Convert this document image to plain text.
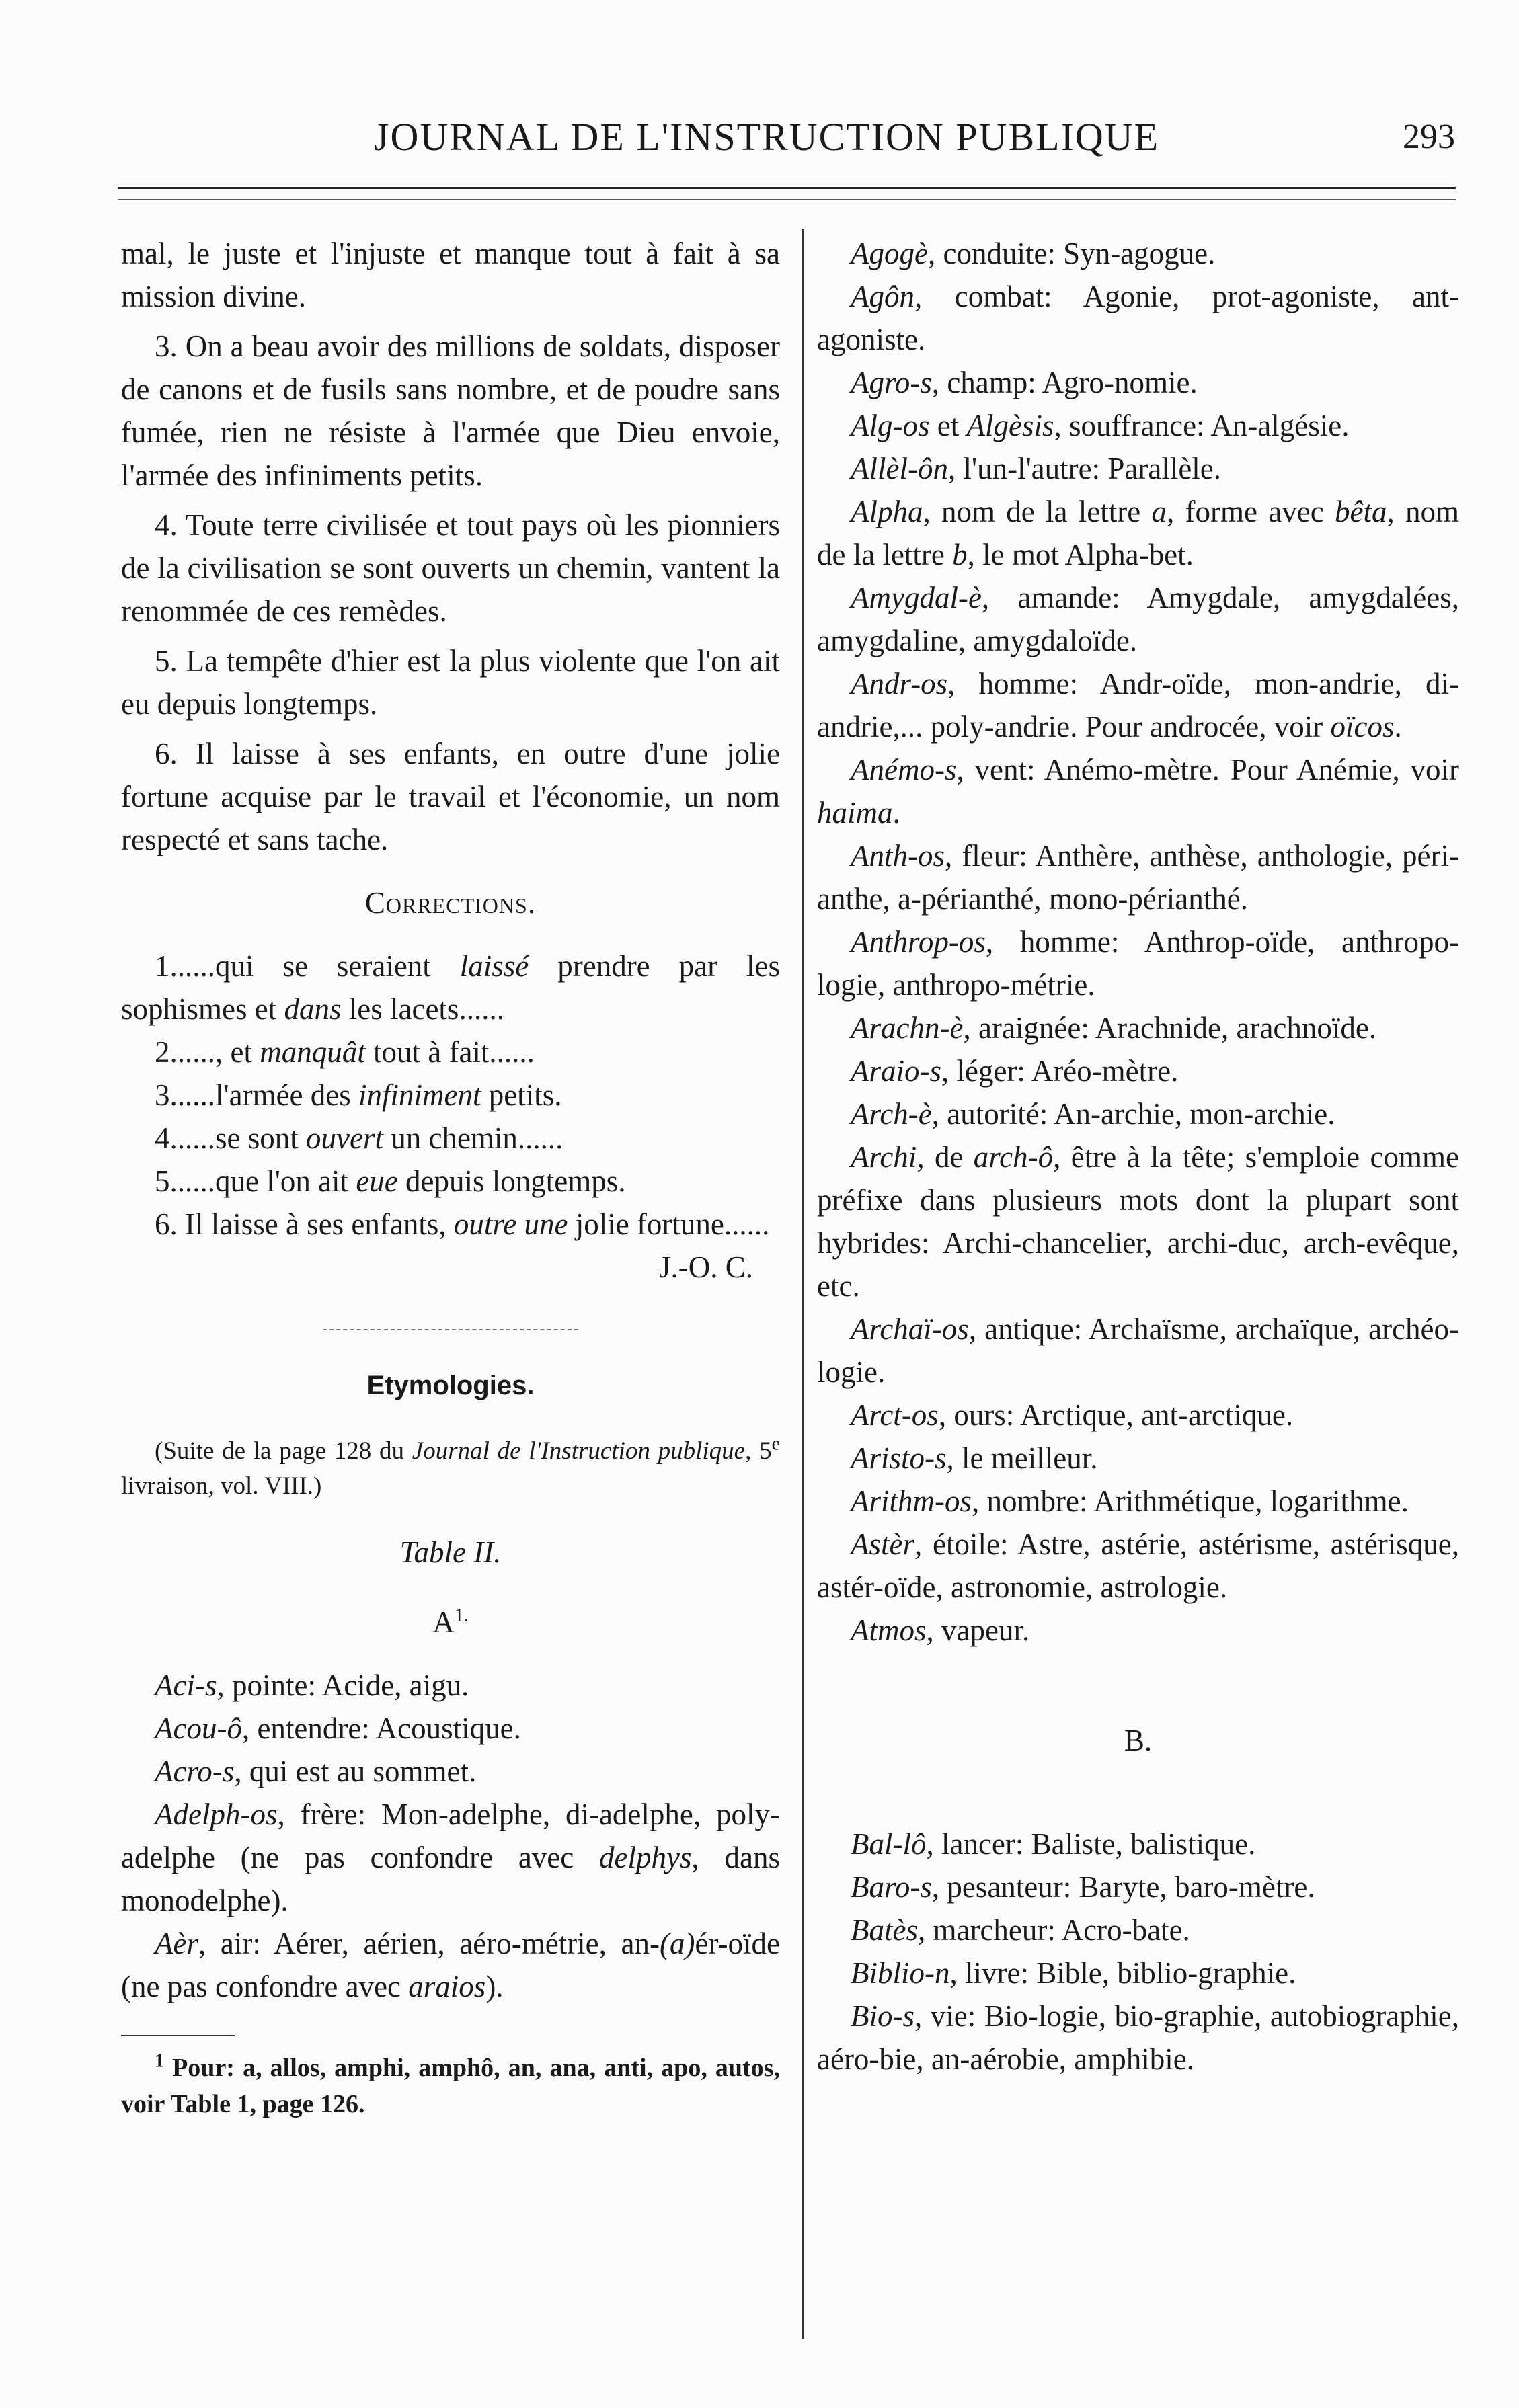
JOURNAL DE L'INSTRUCTION PUBLIQUE	293

mal, le juste et l'injuste et manque tout à fait à sa mission divine.

3. On a beau avoir des millions de soldats, disposer de canons et de fusils sans nombre, et de poudre sans fumée, rien ne résiste à l'armée que Dieu envoie, l'armée des infiniments petits.

4. Toute terre civilisée et tout pays où les pionniers de la civilisation se sont ouverts un chemin, vantent la renommée de ces remèdes.

5. La tempête d'hier est la plus violente que l'on ait eu depuis longtemps.

6. Il laisse à ses enfants, en outre d'une jolie fortune acquise par le travail et l'économie, un nom respecté et sans tache.

Corrections.

1......qui se seraient laissé prendre par les sophismes et dans les lacets......

2......, et manquât tout à fait......

3......l'armée des infiniment petits.

4......se sont ouvert un chemin......

5......que l'on ait eue depuis longtemps.

6. Il laisse à ses enfants, outre une jolie fortune......

J.-O. C.

Etymologies.

(Suite de la page 128 du Journal de l'Instruction publique, 5e livraison, vol. VIII.)

Table II.

$A^{1.}$

Aci-s, pointe: Acide, aigu.

Acou-ô, entendre: Acoustique.

Acro-s, qui est au sommet.

Adelph-os, frère: Mon-adelphe, di-adelphe, poly-adelphe (ne pas confondre avec delphys, dans monodelphe).

Aèr, air: Aérer, aérien, aéro-métrie, an-(a)ér-oïde (ne pas confondre avec araios).

$^1$ Pour: a, allos, amphi, amphô, an, ana, anti, apo, autos, voir Table 1, page 126.

Agogè, conduite: Syn-agogue.

Agôn, combat: Agonie, prot-agoniste, ant-agoniste.

Agro-s, champ: Agro-nomie.

Alg-os et Algèsis, souffrance: An-algésie.

Allèl-ôn, l'un-l'autre: Parallèle.

Alpha, nom de la lettre a, forme avec bêta, nom de la lettre b, le mot Alpha-bet.

Amygdal-è, amande: Amygdale, amygdalées, amygdaline, amygdaloïde.

Andr-os, homme: Andr-oïde, mon-andrie, di-andrie,... poly-andrie. Pour androcée, voir oïcos.

Anémo-s, vent: Anémo-mètre. Pour Anémie, voir haima.

Anth-os, fleur: Anthère, anthèse, anthologie, péri-anthe, a-périanthé, mono-périanthé.

Anthrop-os, homme: Anthrop-oïde, anthropo-logie, anthropo-métrie.

Arachn-è, araignée: Arachnide, arachnoïde.

Araio-s, léger: Aréo-mètre.

Arch-è, autorité: An-archie, mon-archie.

Archi, de arch-ô, être à la tête; s'emploie comme préfixe dans plusieurs mots dont la plupart sont hybrides: Archi-chancelier, archi-duc, arch-evêque, etc.

Archaï-os, antique: Archaïsme, archaïque, archéo-logie.

Arct-os, ours: Arctique, ant-arctique.

Aristo-s, le meilleur.

Arithm-os, nombre: Arithmétique, logarithme.

Astèr, étoile: Astre, astérie, astérisme, astérisque, astér-oïde, astronomie, astrologie.

Atmos, vapeur.

B.

Bal-lô, lancer: Baliste, balistique.

Baro-s, pesanteur: Baryte, baro-mètre.

Batès, marcheur: Acro-bate.

Biblio-n, livre: Bible, biblio-graphie.

Bio-s, vie: Bio-logie, bio-graphie, autobiographie, aéro-bie, an-aérobie, amphibie.
